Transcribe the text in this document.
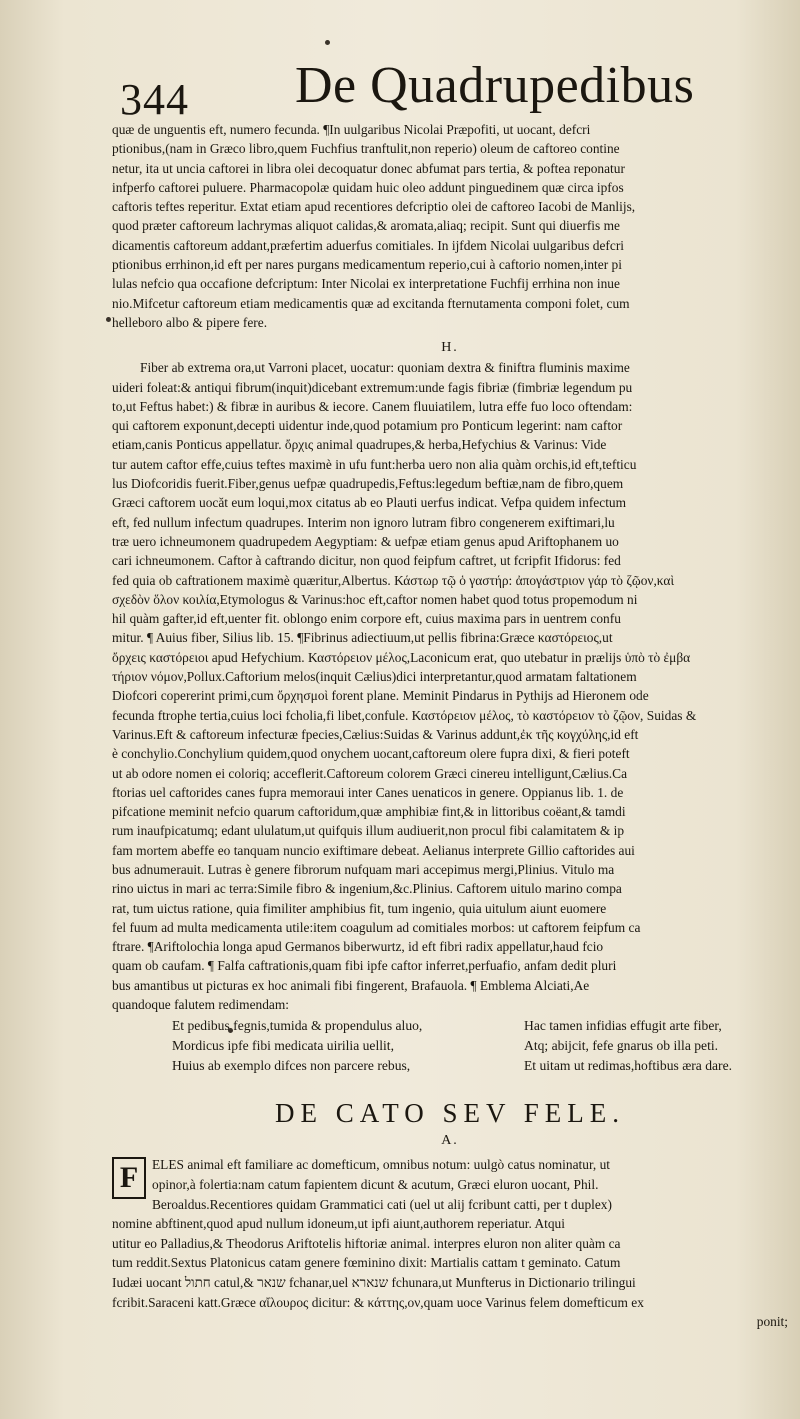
344 De Quadrupedibus
quæ de unguentis eft, numero fecunda. ¶In uulgaribus Nicolai Præpofiti, ut uocant, defcri
ptionibus,(nam in Græco libro,quem Fuchfius tranftulit,non reperio) oleum de caftoreo contine
netur, ita ut uncia caftorei in libra olei decoquatur donec abfumat pars tertia, & poftea reponatur
infperfo caftorei puluere. Pharmacopolæ quidam huic oleo addunt pinguedinem quæ circa ipfos
caftoris teftes reperitur. Extat etiam apud recentiores defcriptio olei de caftoreo Iacobi de Manlijs,
quod præter caftoreum lachrymas aliquot calidas,& aromata,aliaq; recipit. Sunt qui diuerfis me
dicamentis caftoreum addant,præfertim aduerfus comitiales. In ijfdem Nicolai uulgaribus defcri
ptionibus errhinon,id eft per nares purgans medicamentum reperio,cui à caftorio nomen,inter pi
lulas nefcio qua occafione defcriptum: Inter Nicolai ex interpretatione Fuchfij errhina non inue
nio.Mifcetur caftoreum etiam medicamentis quæ ad excitanda fternutamenta componi folet, cum
helleboro albo & pipere fere.
H.
Fiber ab extrema ora,ut Varroni placet, uocatur: quoniam dextra & finiftra fluminis maxime
uideri foleat:& antiqui fibrum(inquit)dicebant extremum:unde fagis fibriæ (fimbriæ legendum pu
to,ut Feftus habet:) & fibræ in auribus & iecore. Canem fluuiatilem, lutra effe fuo loco oftendam:
qui caftorem exponunt,decepti uidentur inde,quod potamium pro Ponticum legerint: nam caftor
etiam,canis Ponticus appellatur. ὄρχις animal quadrupes,& herba,Hefychius & Varinus: Vide
tur autem caftor effe,cuius teftes maximè in ufu funt:herba uero non alia quàm orchis,id eft,tefticu
lus Diofcoridis fuerit.Fiber,genus uefpæ quadrupedis,Feftus:legedum beftiæ,nam de fibro,quem
Græci caftorem uocăt eum loqui,mox citatus ab eo Plauti uerfus indicat. Vefpa quidem infectum
eft, fed nullum infectum quadrupes. Interim non ignoro lutram fibro congenerem exiftimari,lu
træ uero ichneumonem quadrupedem Aegyptiam: & uefpæ etiam genus apud Ariftophanem uo
cari ichneumonem. Caftor à caftrando dicitur, non quod feipfum caftret, ut fcripfit Ifidorus: fed
fed quia ob caftrationem maximè quæritur,Albertus. Κάστωρ τῷ ὁ γαστήρ: ἀπογάστριον γάρ τὸ ζῷον,καὶ
σχεδὸν ὅλον κοιλία,Etymologus & Varinus:hoc eft,caftor nomen habet quod totus propemodum ni
hil quàm gafter,id eft,uenter fit. oblongo enim corpore eft, cuius maxima pars in uentrem confu
mitur. ¶ Auius fiber, Silius lib. 15. ¶Fibrinus adiectiuum,ut pellis fibrina:Græce καστόρειος,ut
ὄρχεις καστόρειοι apud Hefychium. Καστόρειον μέλος,Laconicum erat, quo utebatur in prælijs ὑπὸ τὸ ἐμβα
τήριον νόμον,Pollux.Caftorium melos(inquit Cælius)dici interpretantur,quod armatam faltationem
Diofcori copererint primi,cum ὄρχησμοὶ forent plane. Meminit Pindarus in Pythijs ad Hieronem ode
fecunda ftrophe tertia,cuius loci fcholia,fi libet,confule. Καστόρειον μέλος, τὸ καστόρειον τὸ ζῷον, Suidas &
Varinus.Eft & caftoreum infecturæ fpecies,Cælius:Suidas & Varinus addunt,ἐκ τῆς κογχύλης,id eft
è conchylio.Conchylium quidem,quod onychem uocant,caftoreum olere fupra dixi, & fieri poteft
ut ab odore nomen ei coloriq; acceflerit.Caftoreum colorem Græci cinereu intelligunt,Cælius.Ca
ftorias uel caftorides canes fupra memoraui inter Canes uenaticos in genere. Oppianus lib. 1. de
pifcatione meminit nefcio quarum caftoridum,quæ amphibiæ fint,& in littoribus coëant,& tamdi
rum inaufpicatumq; edant ululatum,ut quifquis illum audiuerit,non procul fibi calamitatem & ip
fam mortem abeffe eo tanquam nuncio exiftimare debeat. Aelianus interprete Gillio caftorides aui
bus adnumerauit. Lutras è genere fibrorum nufquam mari accepimus mergi,Plinius. Vitulo ma
rino uictus in mari ac terra:Simile fibro & ingenium,&c.Plinius. Caftorem uitulo marino compa
rat, tum uictus ratione, quia fimiliter amphibius fit, tum ingenio, quia uitulum aiunt euomere
fel fuum ad multa medicamenta utile:item coagulum ad comitiales morbos: ut caftorem feipfum ca
ftrare. ¶Ariftolochia longa apud Germanos biberwurtz, id eft fibri radix appellatur,haud fcio
quam ob caufam. ¶ Falfa caftrationis,quam fibi ipfe caftor inferret,perfuafio, anfam dedit pluri
bus amantibus ut picturas ex hoc animali fibi fingerent, Brafauola. ¶ Emblema Alciati,Ae
quandoque falutem redimendam:
Et pedibus fegnis,tumida & propendulus aluo,	Hac tamen infidias effugit arte fiber,
Mordicus ipfe fibi medicata uirilia uellit,	Atq; abijcit, fefe gnarus ob illa peti.
Huius ab exemplo difces non parcere rebus,	Et uitam ut redimas,hoftibus æra dare.
DE CATO SEV FELE.
A.
F	ELES animal eft familiare ac domefticum, omnibus notum: uulgò catus nominatur, ut
opinor,à folertia:nam catum fapientem dicunt & acutum, Græci eluron uocant, Phil.
Beroaldus.Recentiores quidam Grammatici cati (uel ut alij fcribunt catti, per t duplex)
nomine abftinent,quod apud nullum idoneum,ut ipfi aiunt,authorem reperiatur. Atqui
utitur eo Palladius,& Theodorus Ariftotelis hiftoriæ animal. interpres eluron non aliter quàm ca
tum reddit.Sextus Platonicus catam genere fœminino dixit: Martialis cattam t geminato. Catum
Iudæi uocant חתול catul,& שנאר fchanar,uel שנארא fchunara,ut Munfterus in Dictionario trilingui
fcribit.Saraceni katt.Græce αἴλουρος dicitur: & κάττης,ον,quam uoce Varinus felem domefticum ex
ponit;
